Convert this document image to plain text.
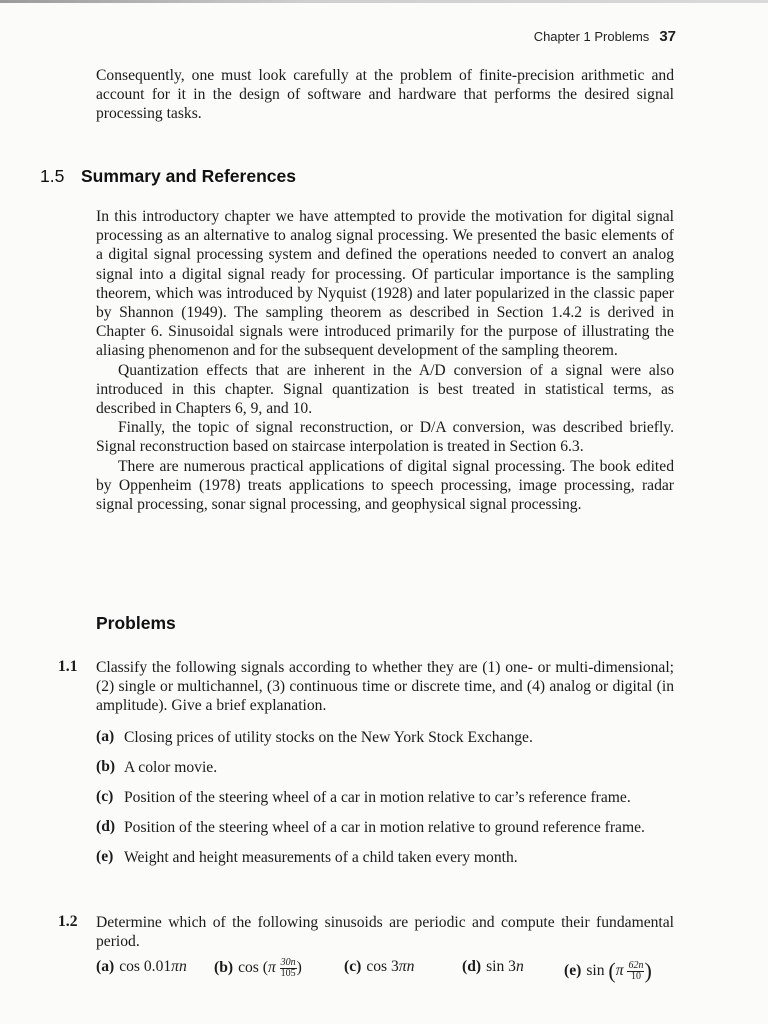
Chapter 1 Problems 37

Consequently, one must look carefully at the problem of finite-precision arithmetic and account for it in the design of software and hardware that performs the desired signal processing tasks.

1.5 Summary and References

In this introductory chapter we have attempted to provide the motivation for digital signal processing as an alternative to analog signal processing. We presented the basic elements of a digital signal processing system and defined the operations needed to convert an analog signal into a digital signal ready for processing. Of particular importance is the sampling theorem, which was introduced by Nyquist (1928) and later popularized in the classic paper by Shannon (1949). The sampling theorem as described in Section 1.4.2 is derived in Chapter 6. Sinusoidal signals were introduced primarily for the purpose of illustrating the aliasing phenomenon and for the subsequent development of the sampling theorem.

Quantization effects that are inherent in the A/D conversion of a signal were also introduced in this chapter. Signal quantization is best treated in statistical terms, as described in Chapters 6, 9, and 10.

Finally, the topic of signal reconstruction, or D/A conversion, was described briefly. Signal reconstruction based on staircase interpolation is treated in Section 6.3.

There are numerous practical applications of digital signal processing. The book edited by Oppenheim (1978) treats applications to speech processing, image processing, radar signal processing, sonar signal processing, and geophysical signal processing.

Problems
1.1 Classify the following signals according to whether they are (1) one- or multi-dimensional; (2) single or multichannel, (3) continuous time or discrete time, and (4) analog or digital (in amplitude). Give a brief explanation.

(a) Closing prices of utility stocks on the New York Stock Exchange.

(b) A color movie.

(c) Position of the steering wheel of a car in motion relative to car’s reference frame.

(d) Position of the steering wheel of a car in motion relative to ground reference frame.

(e) Weight and height measurements of a child taken every month.

1.2 Determine which of the following sinusoids are periodic and compute their fundamental period.

(a) cos 0.01πn	(b) $\cos (\pi \frac{30n}{105}$ )	(c) cos 3πn	(d) sin 3n	(e) $\sin (\pi \frac{62n}{10}$ )
